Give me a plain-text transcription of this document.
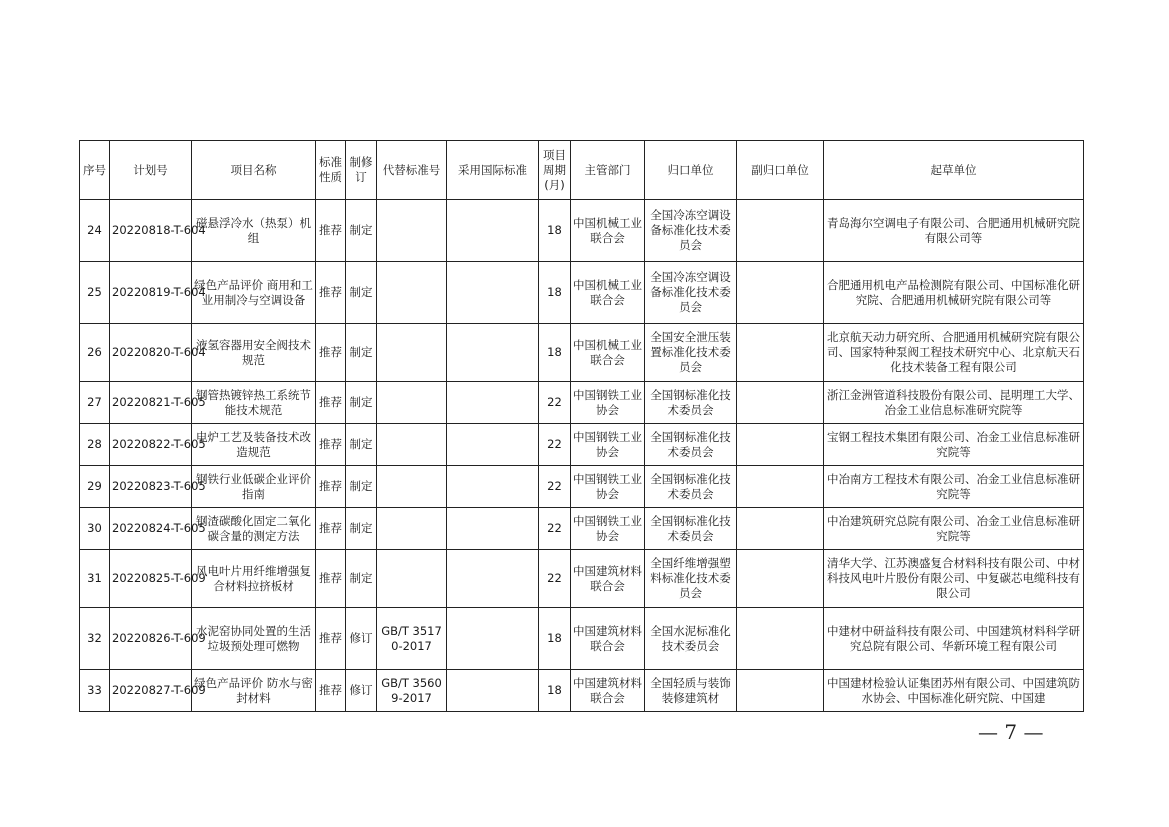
序号	计划号	项目名称	标准性质	制修订	代替标准号	采用国际标准	项目周期(月)	主管部门	归口单位	副归口单位	起草单位
24	20220818-T-604	磁悬浮冷水（热泵）机组	推荐	制定			18	中国机械工业联合会	全国冷冻空调设备标准化技术委员会		青岛海尔空调电子有限公司、合肥通用机械研究院有限公司等
25	20220819-T-604	绿色产品评价 商用和工业用制冷与空调设备	推荐	制定			18	中国机械工业联合会	全国冷冻空调设备标准化技术委员会		合肥通用机电产品检测院有限公司、中国标准化研究院、合肥通用机械研究院有限公司等
26	20220820-T-604	液氢容器用安全阀技术规范	推荐	制定			18	中国机械工业联合会	全国安全泄压装置标准化技术委员会		北京航天动力研究所、合肥通用机械研究院有限公司、国家特种泵阀工程技术研究中心、北京航天石化技术装备工程有限公司
27	20220821-T-605	钢管热镀锌热工系统节能技术规范	推荐	制定			22	中国钢铁工业协会	全国钢标准化技术委员会		浙江金洲管道科技股份有限公司、昆明理工大学、冶金工业信息标准研究院等
28	20220822-T-605	电炉工艺及装备技术改造规范	推荐	制定			22	中国钢铁工业协会	全国钢标准化技术委员会		宝钢工程技术集团有限公司、冶金工业信息标准研究院等
29	20220823-T-605	钢铁行业低碳企业评价指南	推荐	制定			22	中国钢铁工业协会	全国钢标准化技术委员会		中冶南方工程技术有限公司、冶金工业信息标准研究院等
30	20220824-T-605	钢渣碳酸化固定二氧化碳含量的测定方法	推荐	制定			22	中国钢铁工业协会	全国钢标准化技术委员会		中冶建筑研究总院有限公司、冶金工业信息标准研究院等
31	20220825-T-609	风电叶片用纤维增强复合材料拉挤板材	推荐	制定			22	中国建筑材料联合会	全国纤维增强塑料标准化技术委员会		清华大学、江苏澳盛复合材料科技有限公司、中材科技风电叶片股份有限公司、中复碳芯电缆科技有限公司
32	20220826-T-609	水泥窑协同处置的生活垃圾预处理可燃物	推荐	修订	GB/T 35170-2017		18	中国建筑材料联合会	全国水泥标准化技术委员会		中建材中研益科技有限公司、中国建筑材料科学研究总院有限公司、华新环境工程有限公司
33	20220827-T-609	绿色产品评价 防水与密封材料	推荐	修订	GB/T 35609-2017		18	中国建筑材料联合会	全国轻质与装饰装修建筑材		中国建材检验认证集团苏州有限公司、中国建筑防水协会、中国标准化研究院、中国建
— 7 —
